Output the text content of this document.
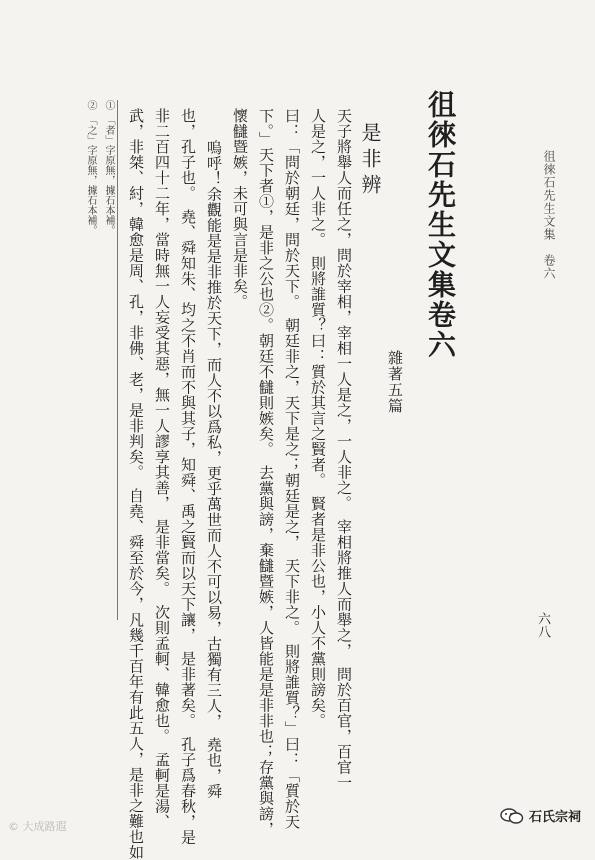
徂徠石先生文集　卷六
六八
徂徠石先生文集卷六
雜著五篇
是非辨
天子將舉人而任之，問於宰相，宰相一人是之，一人非之。　宰相將推人而舉之，　問於百官，百官一
人是之，一人非之。　則將誰質？曰：質於其言之賢者。　賢者是非公也，小人不黨則謗矣。
曰：「問於朝廷，問於天下。　朝廷非之，天下是之；朝廷是之，　天下非之。　則將誰質？」曰：「質於天
下。」天下者①，是非之公也②。朝廷不讎則嫉矣。　去黨與謗，棄讎暨嫉，人皆能是是非非也；存黨與謗，
懷讎暨嫉，未可與言是非矣。
嗚呼！余觀能是是非推於天下，而人不以爲私，更乎萬世而人不可以易，古獨有三人，　堯也，舜
也，孔子也。　堯、舜知朱、均之不肖而不與其子，知舜、禹之賢而以天下讓，　是非著矣。　孔子爲春秋，是
非二百四十二年，當時無一人妄受其惡，無一人謬享其善，　是非當矣。　次則孟軻、韓愈也。　孟軻是湯、
武，非桀、紂，韓愈是周、孔，非佛、老，是非判矣。　自堯、舜至於今，凡幾千百年有此五人，是非之難也如
①　「者」字原無，據石本補。
②　「之」字原無，據石本補。
© 大成路遐
石氏宗祠
